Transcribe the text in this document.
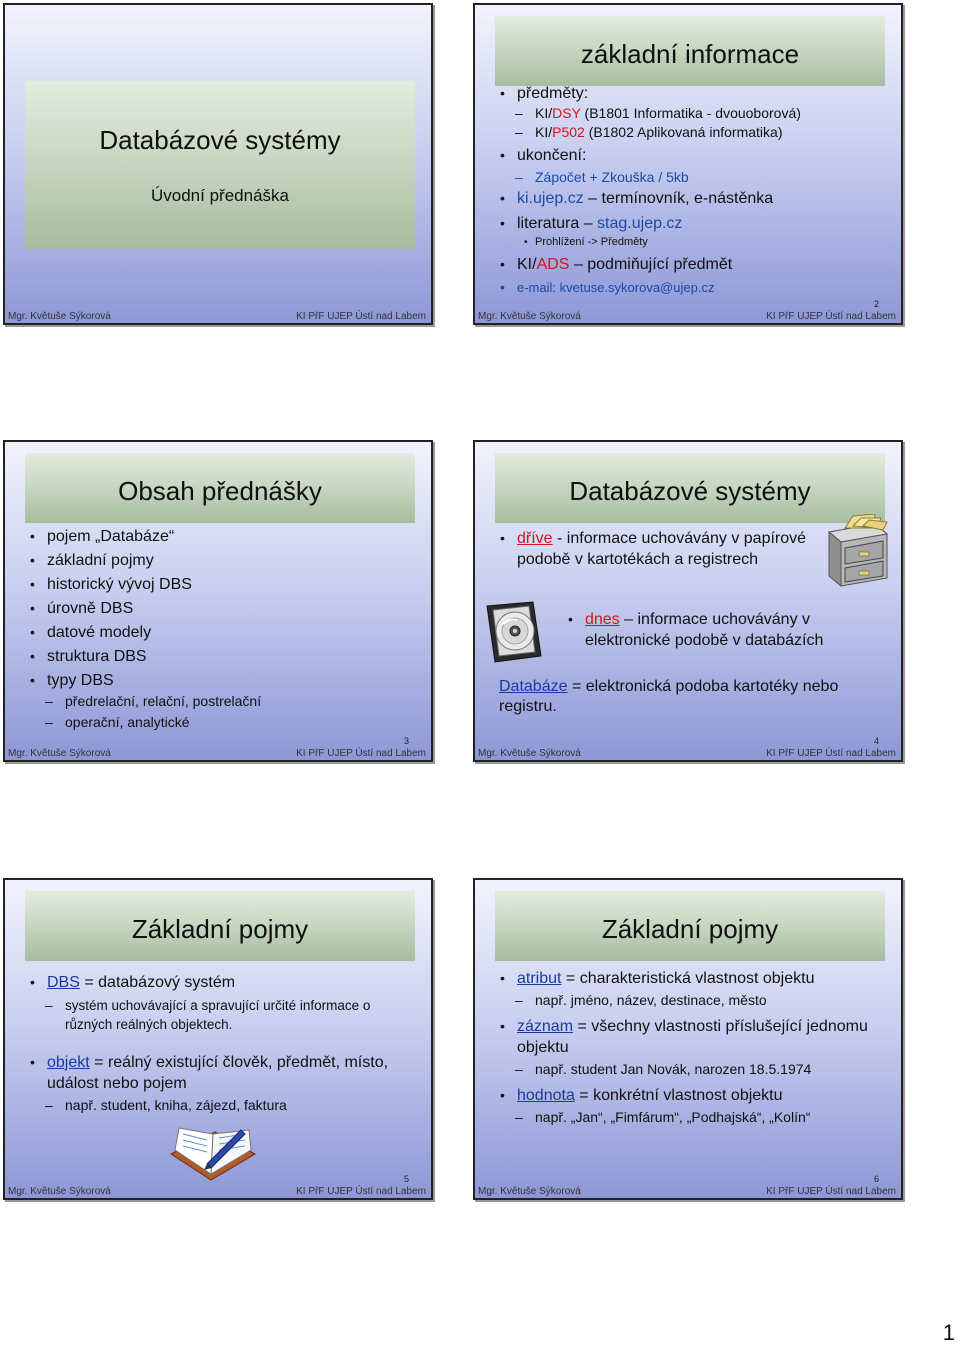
Databázové systémy
Úvodní přednáška
Mgr. Květuše Sýkorová	KI PřF UJEP Ústí nad Labem
základní informace
• předměty:
– KI/DSY (B1801 Informatika - dvouoborová)
– KI/P502 (B1802 Aplikovaná informatika)
• ukončení:
– Zápočet + Zkouška / 5kb
• ki.ujep.cz – termínovník, e-nástěnka
• literatura – stag.ujep.cz
• Prohlížení -> Předměty
• KI/ADS – podmiňující předmět
• e-mail: kvetuse.sykorova@ujep.cz
2
Mgr. Květuše Sýkorová	KI PřF UJEP Ústí nad Labem
Obsah přednášky
• pojem „Databáze“
• základní pojmy
• historický vývoj DBS
• úrovně DBS
• datové modely
• struktura DBS
• typy DBS
– předrelační, relační, postrelační
– operační, analytické
3
Mgr. Květuše Sýkorová	KI PřF UJEP Ústí nad Labem
Databázové systémy
• dříve - informace uchovávány v papírové podobě v kartotékách a registrech
• dnes – informace uchovávány v elektronické podobě v databázích
Databáze = elektronická podoba kartotéky nebo registru.
4
Mgr. Květuše Sýkorová	KI PřF UJEP Ústí nad Labem
Základní pojmy
• DBS = databázový systém
– systém uchovávající a spravující určité informace o různých reálných objektech.
• objekt = reálný existující člověk, předmět, místo, událost nebo pojem
– např. student, kniha, zájezd, faktura
5
Mgr. Květuše Sýkorová	KI PřF UJEP Ústí nad Labem
Základní pojmy
• atribut = charakteristická vlastnost objektu
– např. jméno, název, destinace, město
• záznam = všechny vlastnosti příslušející jednomu objektu
– např. student Jan Novák, narozen 18.5.1974
• hodnota = konkrétní vlastnost objektu
– např. „Jan“, „Fimfárum“, „Podhajská“, „Kolín“
6
Mgr. Květuše Sýkorová	KI PřF UJEP Ústí nad Labem
1
